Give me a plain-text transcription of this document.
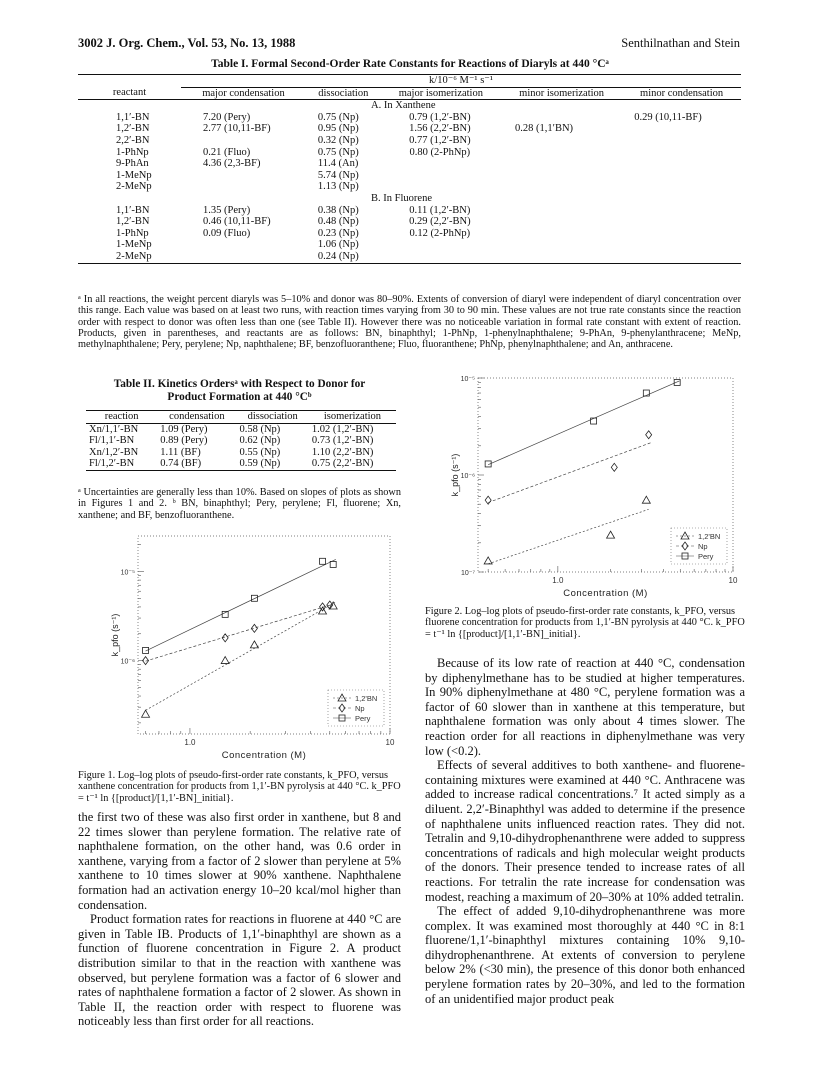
3002 J. Org. Chem., Vol. 53, No. 13, 1988	Senthilnathan and Stein
Table I. Formal Second-Order Rate Constants for Reactions of Diaryls at 440 °Cᵃ
	k/10⁻⁶ M⁻¹ s⁻¹				
reactant	major condensation	dissociation	major isomerization	minor isomerization	minor condensation
	A. In Xanthene				
1,1′-BN	7.20 (Pery)	0.75 (Np)	0.79 (1,2′-BN)		0.29 (10,11-BF)
1,2′-BN	2.77 (10,11-BF)	0.95 (Np)	1.56 (2,2′-BN)	0.28 (1,1′BN)	
2,2′-BN		0.32 (Np)	0.77 (1,2′-BN)		
1-PhNp	0.21 (Fluo)	0.75 (Np)	0.80 (2-PhNp)		
9-PhAn	4.36 (2,3-BF)	11.4 (An)			
1-MeNp		5.74 (Np)			
2-MeNp		1.13 (Np)			
	B. In Fluorene				
1,1′-BN	1.35 (Pery)	0.38 (Np)	0.11 (1,2′-BN)		
1,2′-BN	0.46 (10,11-BF)	0.48 (Np)	0.29 (2,2′-BN)		
1-PhNp	0.09 (Fluo)	0.23 (Np)	0.12 (2-PhNp)		
1-MeNp		1.06 (Np)			
2-MeNp		0.24 (Np)			
ᵃ In all reactions, the weight percent diaryls was 5–10% and donor was 80–90%. Extents of conversion of diaryl were independent of diaryl concentration over this range. Each value was based on at least two runs, with reaction times varying from 30 to 90 min. These values are not true rate constants since the reaction order with respect to donor was often less than one (see Table II). However there was no noticeable variation in formal rate constant with extent of reaction. Products, given in parentheses, and reactants are as follows: BN, binaphthyl; 1-PhNp, 1-phenylnaphthalene; 9-PhAn, 9-phenylanthracene; MeNp, methylnaphthalene; Pery, perylene; Np, naphthalene; BF, benzofluoranthene; Fluo, fluoranthene; PhNp, phenylnaphthalene; and An, anthracene.
Table II. Kinetics Ordersᵃ with Respect to Donor for
Product Formation at 440 °Cᵇ
reaction	condensation	dissociation	isomerization
Xn/1,1′-BN	1.09 (Pery)	0.58 (Np)	1.02 (1,2′-BN)
Fl/1,1′-BN	0.89 (Pery)	0.62 (Np)	0.73 (1,2′-BN)
Xn/1,2′-BN	1.11 (BF)	0.55 (Np)	1.10 (2,2′-BN)
Fl/1,2′-BN	0.74 (BF)	0.59 (Np)	0.75 (2,2′-BN)
ᵃ Uncertainties are generally less than 10%. Based on slopes of plots as shown in Figures 1 and 2. ᵇ BN, binaphthyl; Pery, perylene; Fl, fluorene; Xn, xanthene; and BF, benzofluoranthene.
1.0	10
10⁻⁵
10⁻⁶
Concentration (M)
k_pfo (s⁻¹)
1,2'BN
Np
Pery
Figure 1. Log–log plots of pseudo-first-order rate constants, k_PFO, versus xanthene concentration for products from 1,1′-BN pyrolysis at 440 °C. k_PFO = t⁻¹ ln {[product]/[1,1′-BN]_initial}.
1.0	10
10⁻⁵
10⁻⁶
10⁻⁷
Concentration (M)
k_pfo (s⁻¹)
1,2'BN
Np
Pery
Figure 2. Log–log plots of pseudo-first-order rate constants, k_PFO, versus fluorene concentration for products from 1,1′-BN pyrolysis at 440 °C. k_PFO = t⁻¹ ln {[product]/[1,1′-BN]_initial}.

the first two of these was also first order in xanthene, but 8 and 22 times slower than perylene formation. The relative rate of naphthalene formation, on the other hand, was 0.6 order in xanthene, varying from a factor of 2 slower than perylene at 5% xanthene to 10 times slower at 90% xanthene. Naphthalene formation had an activation energy 10–20 kcal/mol higher than condensation.

Product formation rates for reactions in fluorene at 440 °C are given in Table IB. Products of 1,1′-binaphthyl are shown as a function of fluorene concentration in Figure 2. A product distribution similar to that in the reaction with xanthene was observed, but perylene formation was a factor of 6 slower and rates of naphthalene formation a factor of 2 slower. As shown in Table II, the reaction order with respect to fluorene was noticeably less than first order for all reactions.

Because of its low rate of reaction at 440 °C, condensation by diphenylmethane has to be studied at higher temperatures. In 90% diphenylmethane at 480 °C, perylene formation was a factor of 60 slower than in xanthene at this temperature, but naphthalene formation was only about 4 times slower. The reaction order for all reactions in diphenylmethane was very low (<0.2).

Effects of several additives to both xanthene- and fluorene-containing mixtures were examined at 440 °C. Anthracene was added to increase radical concentrations.⁷ It acted simply as a diluent. 2,2′-Binaphthyl was added to determine if the presence of naphthalene units influenced reaction rates. They did not. Tetralin and 9,10-dihydrophenanthrene were added to suppress concentrations of radicals and high molecular weight products of the donors. Their presence tended to increase rates of all reactions. For tetralin the rate increase for condensation was modest, reaching a maximum of 20–30% at 10% added tetralin.

The effect of added 9,10-dihydrophenanthrene was more complex. It was examined most thoroughly at 440 °C in 8:1 fluorene/1,1′-binaphthyl mixtures containing 10% 9,10-dihydrophenanthrene. At extents of conversion to perylene below 2% (<30 min), the presence of this donor both enhanced perylene formation rates by 20–30%, and led to the formation of an unidentified major product peak
